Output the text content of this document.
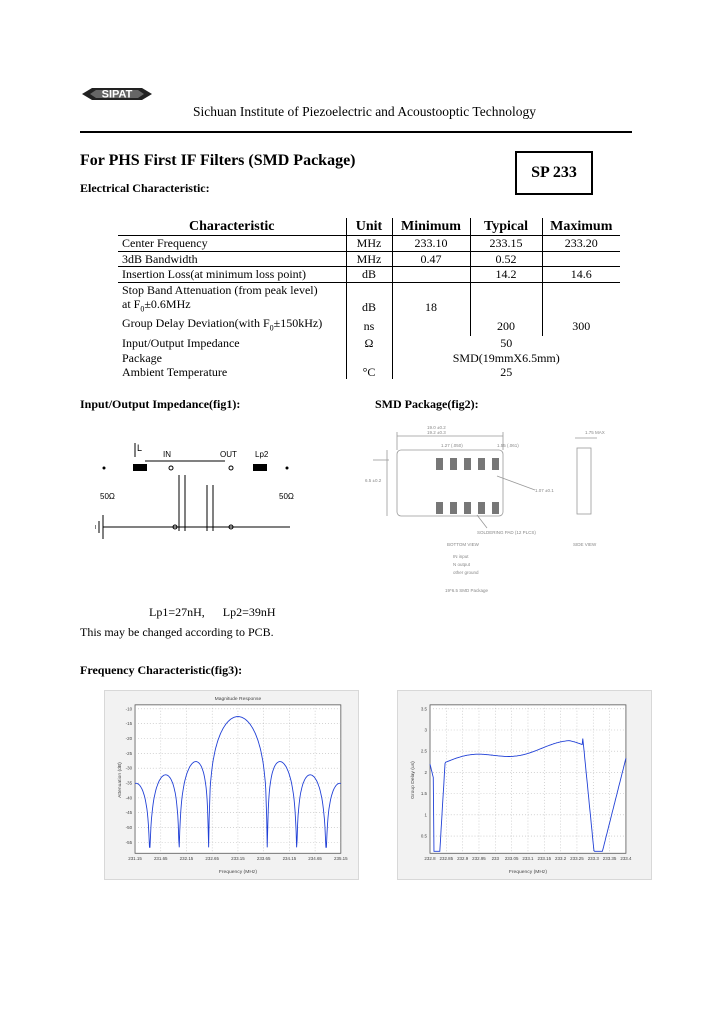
SIPAT
Sichuan Institute of Piezoelectric and Acoustooptic Technology
For PHS First IF Filters (SMD Package)
Electrical Characteristic:
SP 233
Characteristic	Unit	Minimum	Typical	Maximum
Center Frequency	MHz	233.10	233.15	233.20
3dB Bandwidth	MHz	0.47	0.52	
Insertion Loss(at minimum loss point)	dB		14.2	14.6
Stop Band Attenuation (from peak level)				
at $F_0\pm 0.6MHz$	dB	18		
Group Delay Deviation(with $F_0\pm 150kHz$)	ns		200	300
Input/Output Impedance	Ω	50		
Package		SMD(19mmX6.5mm)		
Ambient Temperature	°C	25		
Input/Output Impedance(fig1):
L
Lp2
IN	OUT
50Ω	50Ω
Lp1=27nH,      Lp2=39nH
This may be changed according to PCB.
SMD Package(fig2):
19.0 ±0.2
19.2 ±0.3
1.27 (.050)	1.55 (.061)
1.75 MAX
6.5 ±0.2
1.07 ±0.1
SOLDERING PAD (12 PLCS)
BOTTOM VIEW	SIDE VIEW
IN input
N output
other ground
19*6.5 SMD Package
Frequency Characteristic(fig3):
Magnitude Response
Attenuation (dB)
Frequency (MHz)
-10
-15
-20
-25
-30
-35
-40
-45
-50
-55
231.15	231.65	232.15	232.65	233.15	233.65	234.15	234.65	235.15
Group Delay (us)
Frequency (MHz)
3.5
3
2.5
2
1.5
1
0.5
232.8 232.85 232.9 232.95 233 233.05 233.1 233.15 233.2 233.25 233.3 233.35 233.4
